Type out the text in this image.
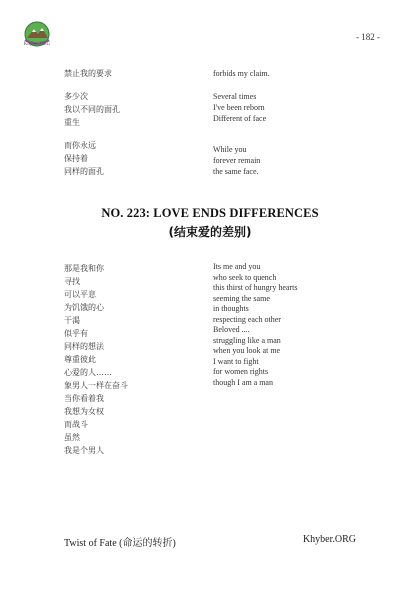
Khyber.ORG
- 182 -
禁止我的要求
多少次
我以不同的面孔
重生
而你永远
保持着
同样的面孔
forbids my claim.
Several times
I've been reborn
Different of face
While you
forever remain
the same face.
NO. 223: LOVE ENDS DIFFERENCES
(结束爱的差别)
那是我和你
寻找
可以平息
为饥饿的心
干渴
似乎有
同样的想法
尊重彼此
心爱的人……
象男人一样在奋斗
当你看着我
我想为女权
而战斗
虽然
我是个男人
Its me and you
who seek to quench
this thirst of hungry hearts
seeming the same
in thoughts
respecting each other
Beloved ....
struggling like a man
when you look at me
I want to fight
for women rights
though I am a man
Twist of Fate (命运的转折)	Khyber.ORG
